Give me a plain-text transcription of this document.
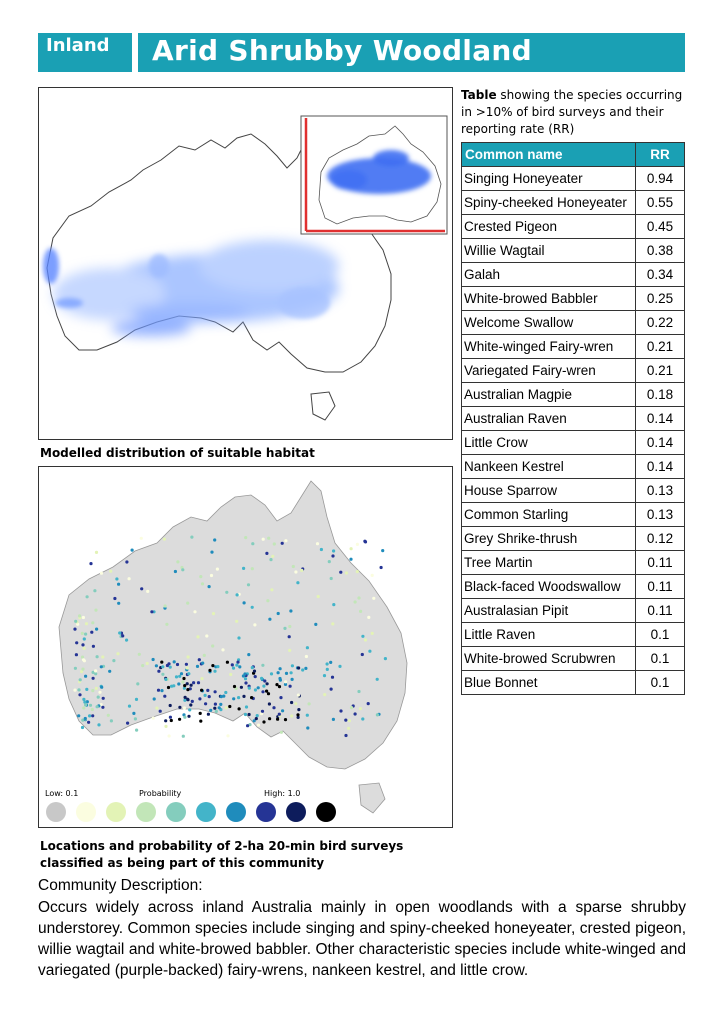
Inland Arid Shrubby Woodland
Modelled distribution of suitable habitat
Low: 0.1	Probability	High: 1.0
Locations and probability of 2-ha 20-min bird surveys classified as being part of this community
Table showing the species occurring in >10% of bird surveys and their reporting rate (RR)
Common name	RR
Singing Honeyeater	0.94
Spiny-cheeked Honeyeater	0.55
Crested Pigeon	0.45
Willie Wagtail	0.38
Galah	0.34
White-browed Babbler	0.25
Welcome Swallow	0.22
White-winged Fairy-wren	0.21
Variegated Fairy-wren	0.21
Australian Magpie	0.18
Australian Raven	0.14
Little Crow	0.14
Nankeen Kestrel	0.14
House Sparrow	0.13
Common Starling	0.13
Grey Shrike-thrush	0.12
Tree Martin	0.11
Black-faced Woodswallow	0.11
Australasian Pipit	0.11
Little Raven	0.1
White-browed Scrubwren	0.1
Blue Bonnet	0.1
Community Description:
Occurs widely across inland Australia mainly in open woodlands with a sparse shrubby understorey. Common species include singing and spiny-cheeked honeyeater, crested pigeon, willie wagtail and white-browed babbler. Other characteristic species include white-winged and variegated (purple-backed) fairy-wrens, nankeen kestrel, and little crow.
